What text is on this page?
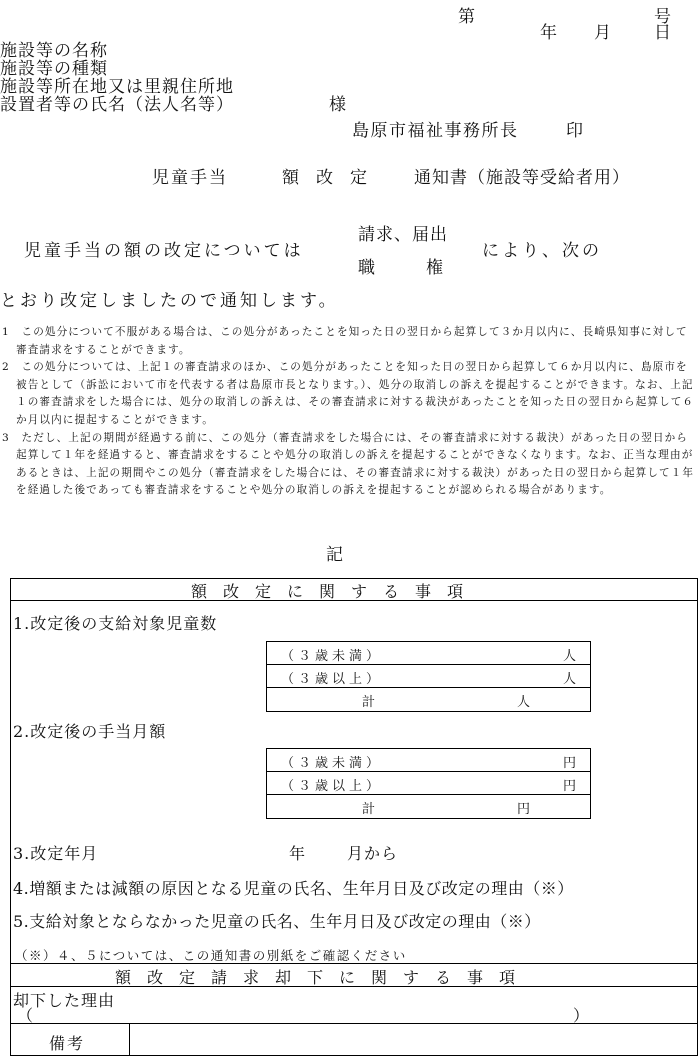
第	号
年 月 日
施設等の名称
施設等の種類
施設等所在地又は里親住所地
設置者等の氏名（法人名等）	様
島原市福祉事務所長	印
児童手当	額　改　定	通知書（施設等受給者用）
児童手当の額の改定については
請求、届出
職　　　権
により、次の
とおり改定しましたので通知します。
1　この処分について不服がある場合は、この処分があったことを知った日の翌日から起算して３か月以内に、長崎県知事に対して審査請求をすることができます。
2　この処分については、上記１の審査請求のほか、この処分があったことを知った日の翌日から起算して６か月以内に、島原市を被告として（訴訟において市を代表する者は島原市長となります。）、処分の取消しの訴えを提起することができます。なお、上記１の審査請求をした場合には、処分の取消しの訴えは、その審査請求に対する裁決があったことを知った日の翌日から起算して６か月以内に提起することができます。
3　ただし、上記の期間が経過する前に、この処分（審査請求をした場合には、その審査請求に対する裁決）があった日の翌日から起算して１年を経過すると、審査請求をすることや処分の取消しの訴えを提起することができなくなります。なお、正当な理由があるときは、上記の期間やこの処分（審査請求をした場合には、その審査請求に対する裁決）があった日の翌日から起算して１年を経過した後であっても審査請求をすることや処分の取消しの訴えを提起することが認められる場合があります。
記
額　改　定　に　関　す　る　事　項
1.改定後の支給対象児童数
（３歳未満）	人
（３歳以上）	人
計	人
2.改定後の手当月額
（３歳未満）	円
（３歳以上）	円
計	円
3.改定年月	年	月から
4.増額または減額の原因となる児童の氏名、生年月日及び改定の理由（※）
5.支給対象とならなかった児童の氏名、生年月日及び改定の理由（※）
（※）４、５については、この通知書の別紙をご確認ください
額　改　定　請　求　却　下　に　関　す　る　事　項
却下した理由
（	）
備考
